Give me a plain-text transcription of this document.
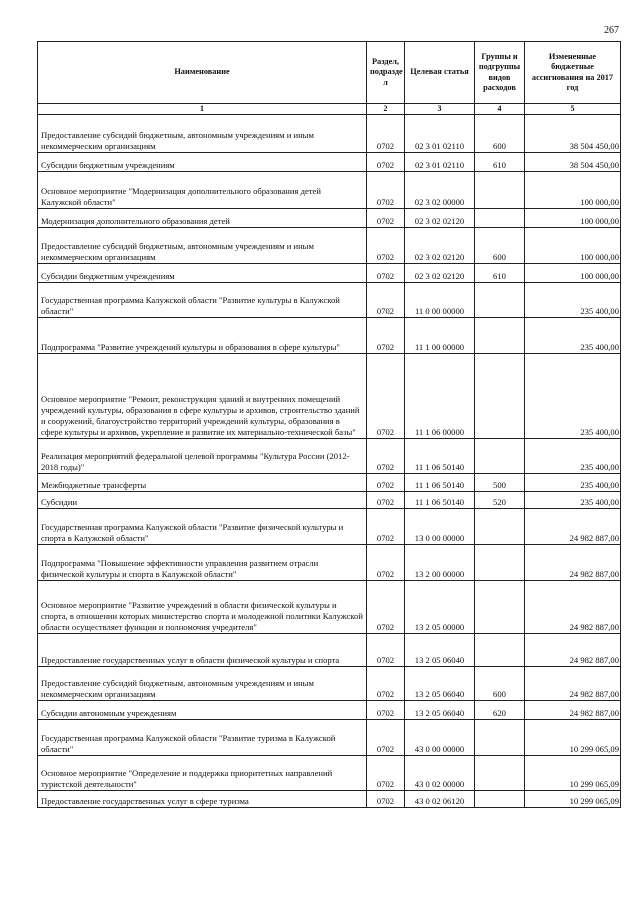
267
Наименование	Раздел, подразде л	Целевая статья	Группы и подгруппы видов расходов	Измененные бюджетные ассигнования на 2017 год
1	2	3	4	5
Предоставление субсидий бюджетным, автономным учреждениям и иным некоммерческим организациям	0702	02 3 01 02110	600	38 504 450,00
Субсидии бюджетным учреждениям	0702	02 3 01 02110	610	38 504 450,00
Основное мероприятие "Модернизация дополнительного образования детей Калужской области"	0702	02 3 02 00000		100 000,00
Модернизация дополнительного образования детей	0702	02 3 02 02120		100 000,00
Предоставление субсидий бюджетным, автономным учреждениям и иным некоммерческим организациям	0702	02 3 02 02120	600	100 000,00
Субсидии бюджетным учреждениям	0702	02 3 02 02120	610	100 000,00
Государственная программа Калужской области "Развитие культуры в Калужской области"	0702	11 0 00 00000		235 400,00
Подпрограмма "Развитие учреждений культуры и образования в сфере культуры"	0702	11 1 00 00000		235 400,00
Основное мероприятие "Ремонт, реконструкция зданий и внутренних помещений учреждений культуры, образования в сфере культуры и архивов, строительство зданий и сооружений, благоустройство территорий учреждений культуры, образования в сфере культуры и архивов, укрепление и развитие их материально-технической базы"	0702	11 1 06 00000		235 400,00
Реализация мероприятий федеральной целевой программы "Культура России (2012-2018 годы)"	0702	11 1 06 50140		235 400,00
Межбюджетные трансферты	0702	11 1 06 50140	500	235 400,00
Субсидии	0702	11 1 06 50140	520	235 400,00
Государственная программа Калужской области "Развитие физической культуры и спорта в Калужской области"	0702	13 0 00 00000		24 982 887,00
Подпрограмма "Повышение эффективности управления развитием отрасли физической культуры и спорта в Калужской области"	0702	13 2 00 00000		24 982 887,00
Основное мероприятие "Развитие учреждений в области физической культуры и спорта, в отношении которых министерство спорта и молодежной политики Калужской области осуществляет функции и полномочия учредителя"	0702	13 2 05 00000		24 982 887,00
Предоставление государственных услуг в области физической культуры и спорта	0702	13 2 05 06040		24 982 887,00
Предоставление субсидий бюджетным, автономным учреждениям и иным некоммерческим организациям	0702	13 2 05 06040	600	24 982 887,00
Субсидии автономным учреждениям	0702	13 2 05 06040	620	24 982 887,00
Государственная программа Калужской области "Развитие туризма в Калужской области"	0702	43 0 00 00000		10 299 065,09
Основное мероприятие "Определение и поддержка приоритетных направлений туристской деятельности"	0702	43 0 02 00000		10 299 065,09
Предоставление государственных услуг в сфере туризма	0702	43 0 02 06120		10 299 065,09
